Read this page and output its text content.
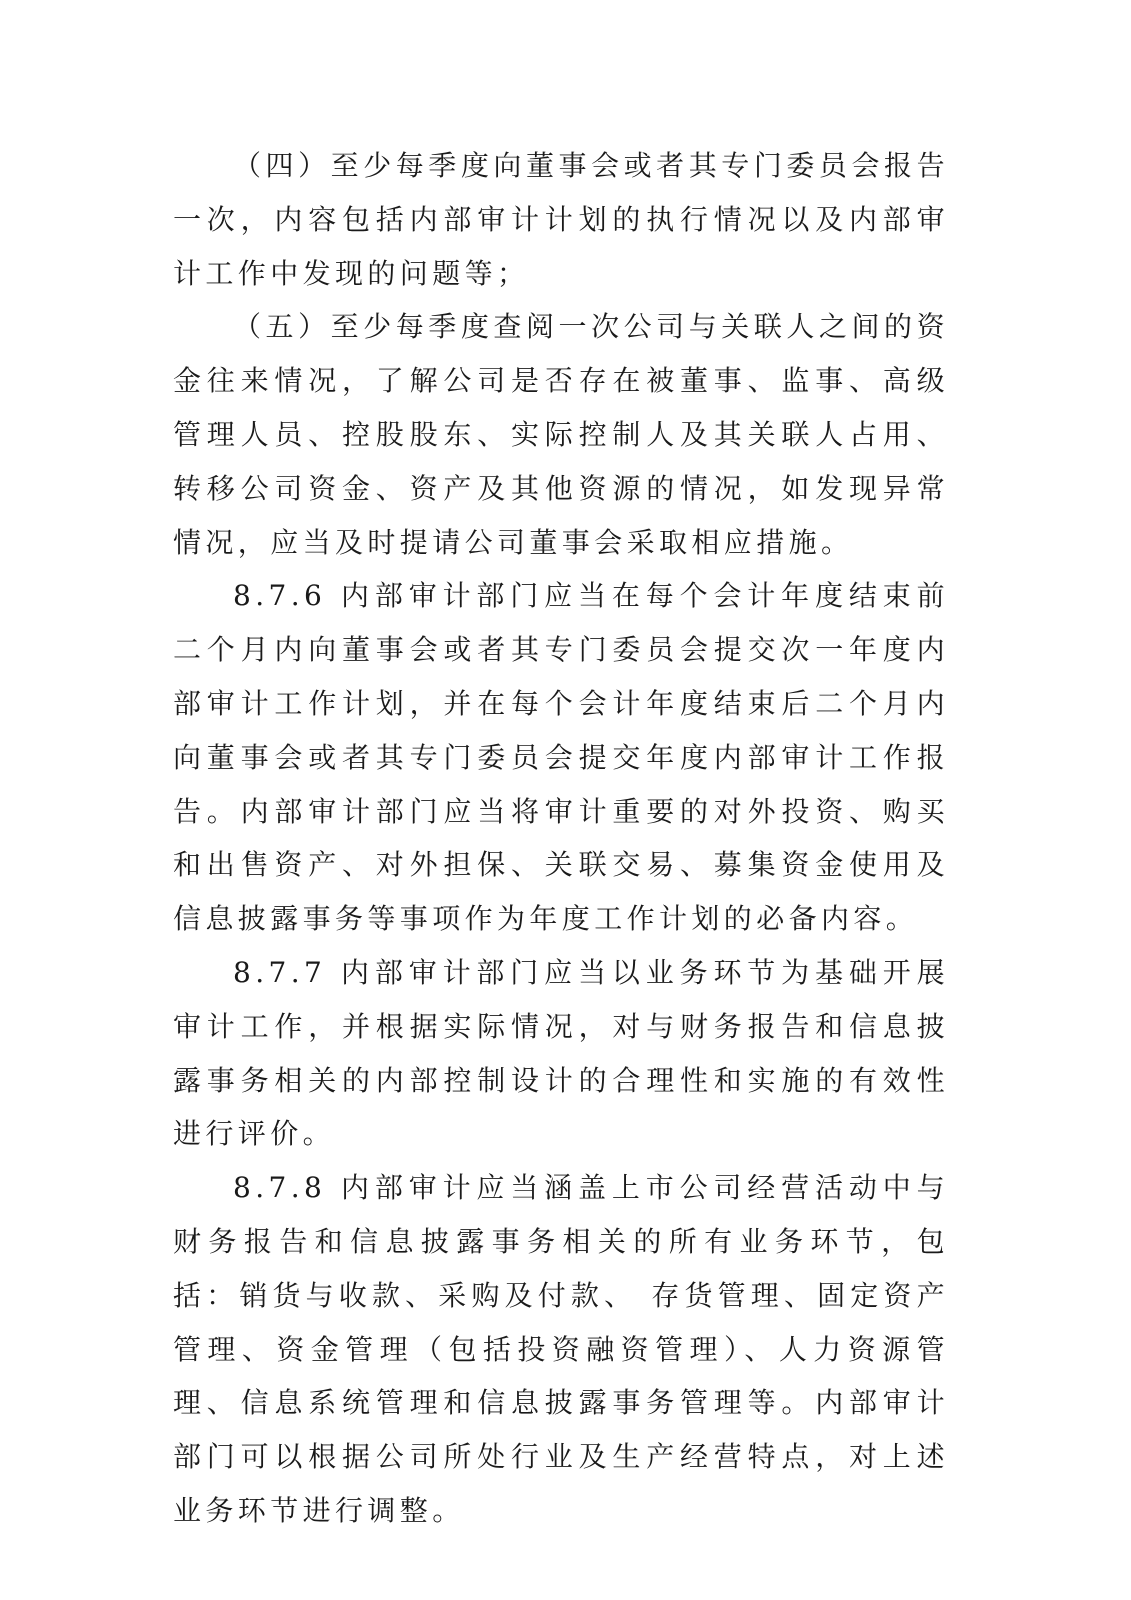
（四）至少每季度向董事会或者其专门委员会报告一次，内容包括内部审计计划的执行情况以及内部审计工作中发现的问题等；

（五）至少每季度查阅一次公司与关联人之间的资金往来情况，了解公司是否存在被董事、监事、高级管理人员、控股股东、实际控制人及其关联人占用、转移公司资金、资产及其他资源的情况，如发现异常情况，应当及时提请公司董事会采取相应措施。

8.7.6 内部审计部门应当在每个会计年度结束前二个月内向董事会或者其专门委员会提交次一年度内部审计工作计划，并在每个会计年度结束后二个月内向董事会或者其专门委员会提交年度内部审计工作报告。内部审计部门应当将审计重要的对外投资、购买和出售资产、对外担保、关联交易、募集资金使用及信息披露事务等事项作为年度工作计划的必备内容。

8.7.7 内部审计部门应当以业务环节为基础开展审计工作，并根据实际情况，对与财务报告和信息披露事务相关的内部控制设计的合理性和实施的有效性进行评价。

8.7.8 内部审计应当涵盖上市公司经营活动中与财务报告和信息披露事务相关的所有业务环节，包括：销货与收款、采购及付款、 存货管理、固定资产管理、资金管理（包括投资融资管理）、人力资源管理、信息系统管理和信息披露事务管理等。内部审计部门可以根据公司所处行业及生产经营特点，对上述业务环节进行调整。
